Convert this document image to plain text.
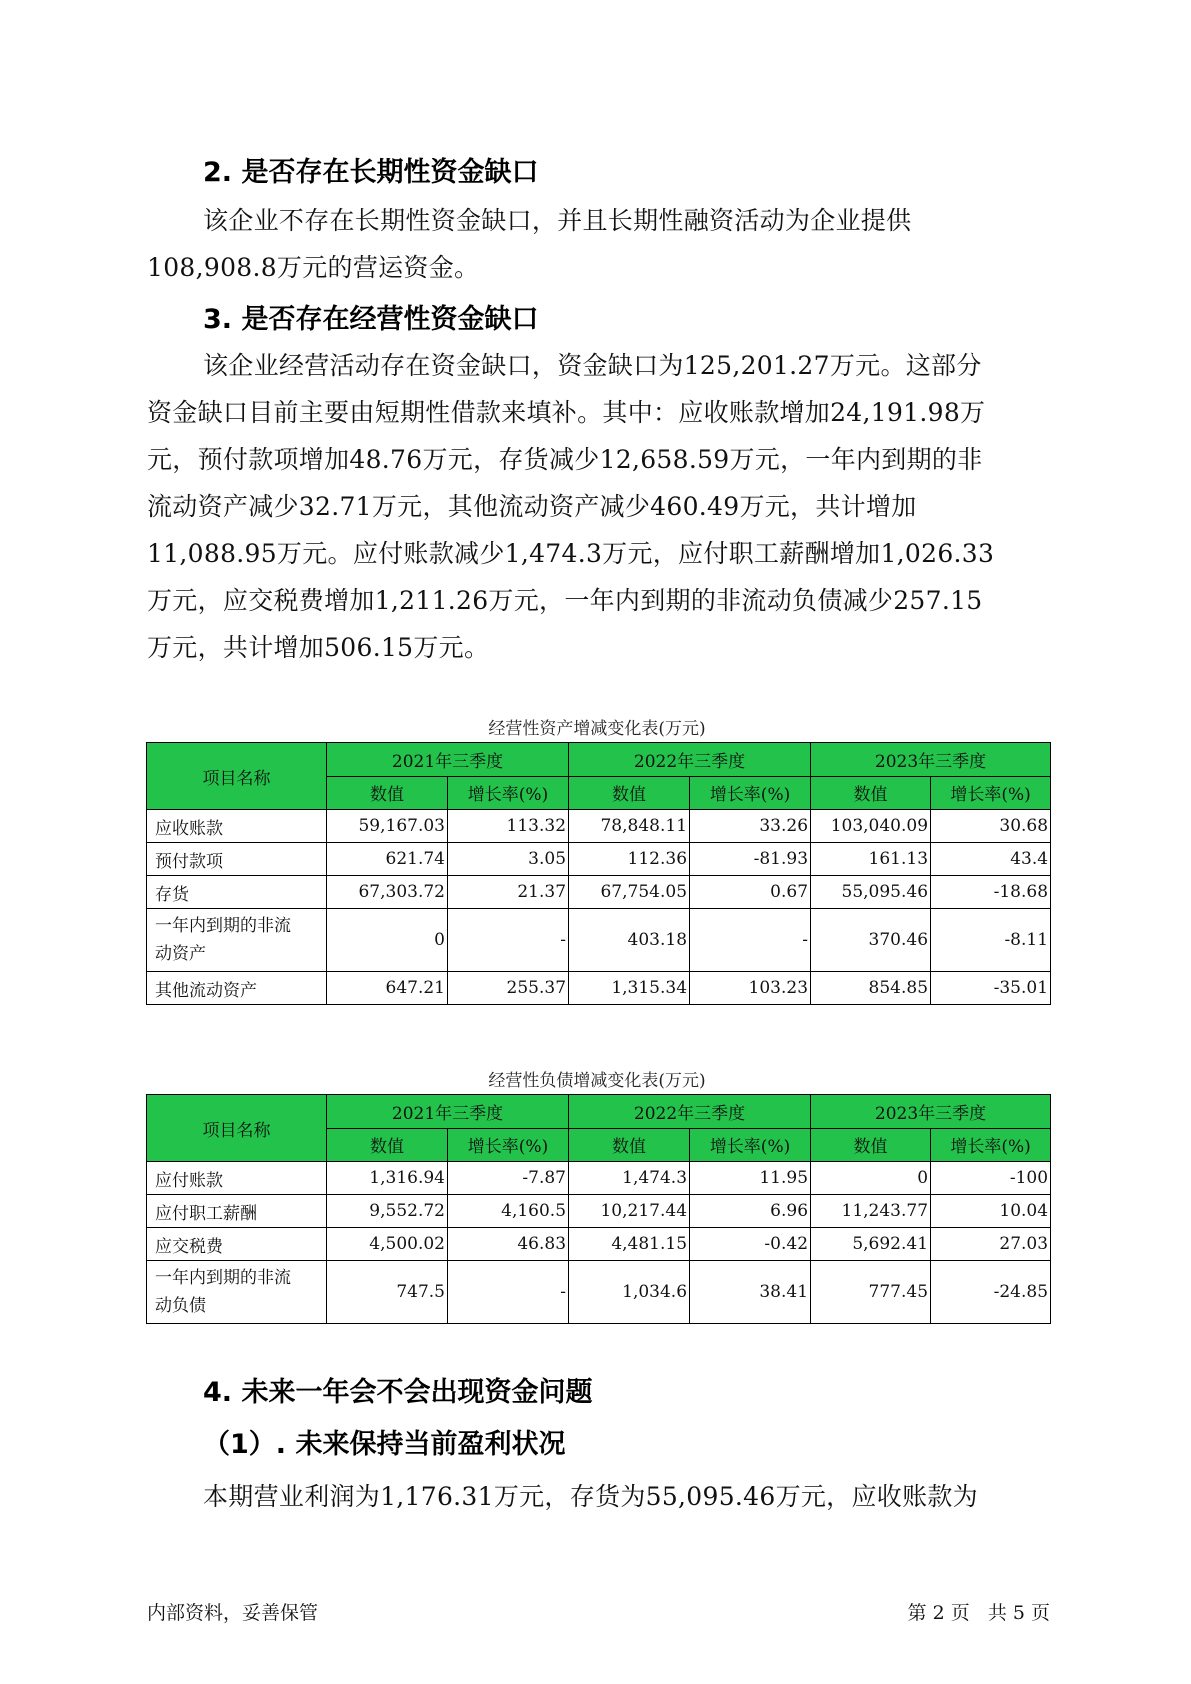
2. 是否存在长期性资金缺口
该企业不存在长期性资金缺口，并且长期性融资活动为企业提供
108,908.8万元的营运资金。
3. 是否存在经营性资金缺口
该企业经营活动存在资金缺口，资金缺口为125,201.27万元。这部分
资金缺口目前主要由短期性借款来填补。其中：应收账款增加24,191.98万
元，预付款项增加48.76万元，存货减少12,658.59万元，一年内到期的非
流动资产减少32.71万元，其他流动资产减少460.49万元，共计增加
11,088.95万元。应付账款减少1,474.3万元，应付职工薪酬增加1,026.33
万元，应交税费增加1,211.26万元，一年内到期的非流动负债减少257.15
万元，共计增加506.15万元。
经营性资产增减变化表(万元)
项目名称	2021年三季度		2022年三季度		2023年三季度	
	数值	增长率(%)	数值	增长率(%)	数值	增长率(%)
应收账款	59,167.03	113.32	78,848.11	33.26	103,040.09	30.68
预付款项	621.74	3.05	112.36	-81.93	161.13	43.4
存货	67,303.72	21.37	67,754.05	0.67	55,095.46	-18.68
一年内到期的非流
动资产	0	-	403.18	-	370.46	-8.11
其他流动资产	647.21	255.37	1,315.34	103.23	854.85	-35.01
经营性负债增减变化表(万元)
项目名称	2021年三季度		2022年三季度		2023年三季度	
	数值	增长率(%)	数值	增长率(%)	数值	增长率(%)
应付账款	1,316.94	-7.87	1,474.3	11.95	0	-100
应付职工薪酬	9,552.72	4,160.5	10,217.44	6.96	11,243.77	10.04
应交税费	4,500.02	46.83	4,481.15	-0.42	5,692.41	27.03
一年内到期的非流
动负债	747.5	-	1,034.6	38.41	777.45	-24.85
4. 未来一年会不会出现资金问题
（1）. 未来保持当前盈利状况
本期营业利润为1,176.31万元，存货为55,095.46万元，应收账款为
内部资料，妥善保管	第 2 页   共 5 页
